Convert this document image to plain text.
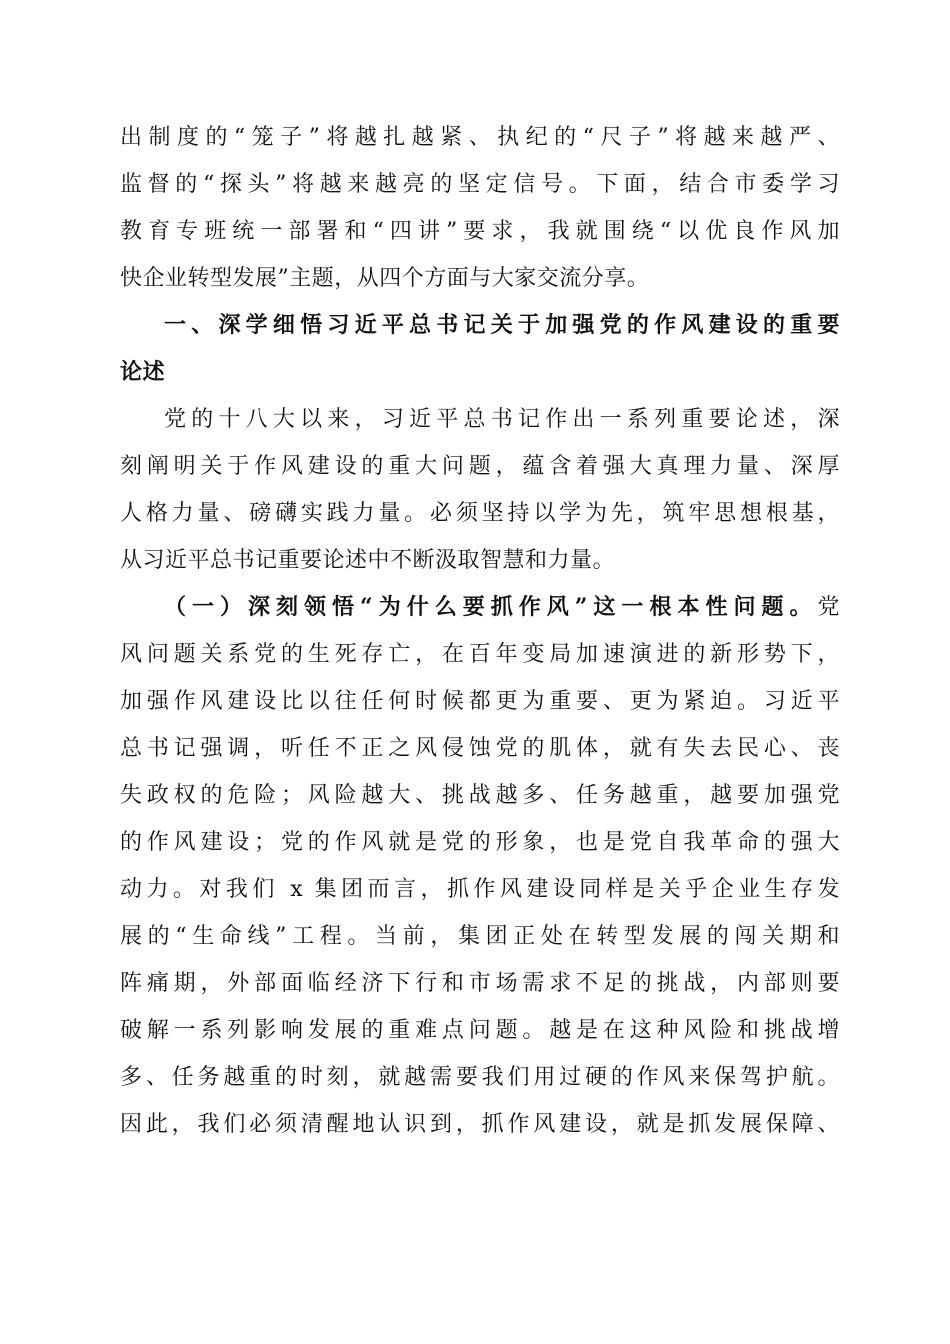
出制度的“笼子”将越扎越紧、执纪的“尺子”将越来越严、
监督的“探头”将越来越亮的坚定信号。下面，结合市委学习
教育专班统一部署和“四讲”要求，我就围绕“以优良作风加
快企业转型发展”主题，从四个方面与大家交流分享。
一、深学细悟习近平总书记关于加强党的作风建设的重要
论述
党的十八大以来，习近平总书记作出一系列重要论述，深
刻阐明关于作风建设的重大问题，蕴含着强大真理力量、深厚
人格力量、磅礴实践力量。必须坚持以学为先，筑牢思想根基，
从习近平总书记重要论述中不断汲取智慧和力量。
（一）深刻领悟“为什么要抓作风”这一根本性问题。党
风问题关系党的生死存亡，在百年变局加速演进的新形势下，
加强作风建设比以往任何时候都更为重要、更为紧迫。习近平
总书记强调，听任不正之风侵蚀党的肌体，就有失去民心、丧
失政权的危险；风险越大、挑战越多、任务越重，越要加强党
的作风建设；党的作风就是党的形象，也是党自我革命的强大
动力。对我们 x 集团而言，抓作风建设同样是关乎企业生存发
展的“生命线”工程。当前，集团正处在转型发展的闯关期和
阵痛期，外部面临经济下行和市场需求不足的挑战，内部则要
破解一系列影响发展的重难点问题。越是在这种风险和挑战增
多、任务越重的时刻，就越需要我们用过硬的作风来保驾护航。
因此，我们必须清醒地认识到，抓作风建设，就是抓发展保障、
